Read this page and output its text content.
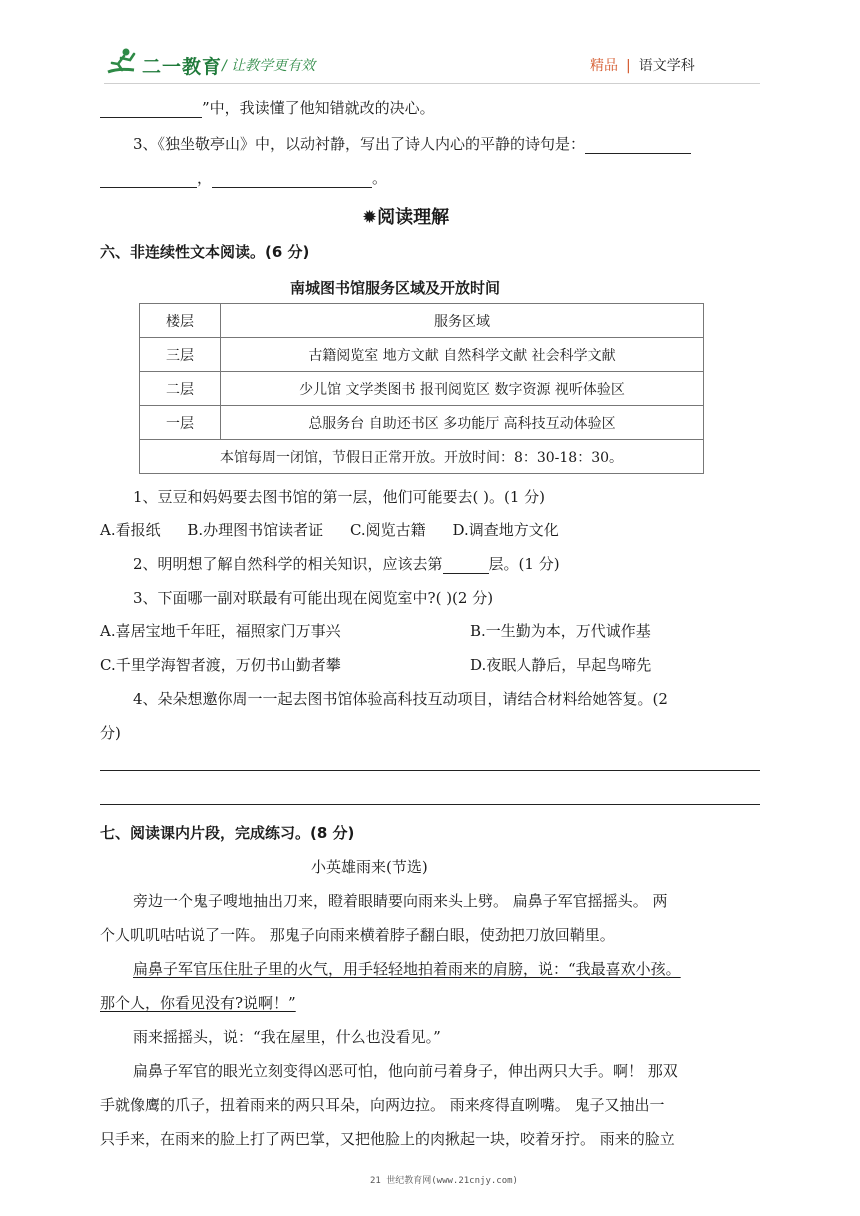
二一教育 / 让教学更有效	精品 | 语文学科
”中，我读懂了他知错就改的决心。
3、《独坐敬亭山》中，以动衬静，写出了诗人内心的平静的诗句是：
，	。
✹阅读理解
六、非连续性文本阅读。(6 分)
南城图书馆服务区域及开放时间
楼层	服务区域
三层	古籍阅览室 地方文献 自然科学文献 社会科学文献
二层	少儿馆 文学类图书 报刊阅览区 数字资源 视听体验区
一层	总服务台 自助还书区 多功能厅 高科技互动体验区
本馆每周一闭馆，节假日正常开放。开放时间：8：30-18：30。	
1、豆豆和妈妈要去图书馆的第一层，他们可能要去( )。(1 分)
A.看报纸 B.办理图书馆读者证 C.阅览古籍 D.调查地方文化
2、明明想了解自然科学的相关知识，应该去第	层。(1 分)
3、下面哪一副对联最有可能出现在阅览室中?( )(2 分)
A.喜居宝地千年旺，福照家门万事兴	B.一生勤为本，万代诚作基
C.千里学海智者渡，万仞书山勤者攀	D.夜眠人静后，早起鸟啼先
4、朵朵想邀你周一一起去图书馆体验高科技互动项目，请结合材料给她答复。(2
分)
七、阅读课内片段，完成练习。(8 分)
小英雄雨来(节选)
旁边一个鬼子嗖地抽出刀来，瞪着眼睛要向雨来头上劈。 扁鼻子军官摇摇头。 两
个人叽叽咕咕说了一阵。 那鬼子向雨来横着脖子翻白眼，使劲把刀放回鞘里。
扁鼻子军官压住肚子里的火气，用手轻轻地拍着雨来的肩膀，说：“我最喜欢小孩。
那个人，你看见没有?说啊！”
雨来摇摇头，说：“我在屋里，什么也没看见。”
扁鼻子军官的眼光立刻变得凶恶可怕，他向前弓着身子，伸出两只大手。啊！ 那双
手就像鹰的爪子，扭着雨来的两只耳朵，向两边拉。 雨来疼得直咧嘴。 鬼子又抽出一
只手来，在雨来的脸上打了两巴掌，又把他脸上的肉揪起一块，咬着牙拧。 雨来的脸立
21 世纪教育网(www.21cnjy.com)
